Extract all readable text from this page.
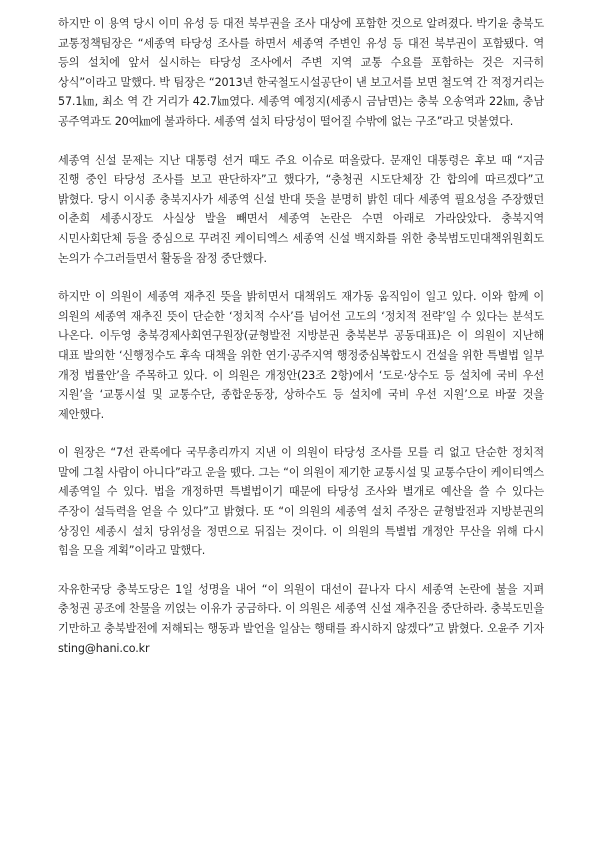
하지만 이 용역 당시 이미 유성 등 대전 북부권을 조사 대상에 포함한 것으로 알려졌다. 박기윤 충북도 교통정책팀장은 “세종역 타당성 조사를 하면서 세종역 주변인 유성 등 대전 북부권이 포함됐다. 역 등의 설치에 앞서 실시하는 타당성 조사에서 주변 지역 교통 수요를 포함하는 것은 지극히 상식”이라고 말했다. 박 팀장은 “2013년 한국철도시설공단이 낸 보고서를 보면 철도역 간 적정거리는 57.1㎞, 최소 역 간 거리가 42.7㎞였다. 세종역 예정지(세종시 금남면)는 충북 오송역과 22㎞, 충남 공주역과도 20여㎞에 불과하다. 세종역 설치 타당성이 떨어질 수밖에 없는 구조”라고 덧붙였다.

세종역 신설 문제는 지난 대통령 선거 때도 주요 이슈로 떠올랐다. 문재인 대통령은 후보 때 “지금 진행 중인 타당성 조사를 보고 판단하자”고 했다가, “충청권 시도단체장 간 합의에 따르겠다”고 밝혔다. 당시 이시종 충북지사가 세종역 신설 반대 뜻을 분명히 밝힌 데다 세종역 필요성을 주장했던 이춘희 세종시장도 사실상 발을 빼면서 세종역 논란은 수면 아래로 가라앉았다. 충북지역 시민사회단체 등을 중심으로 꾸려진 케이티엑스 세종역 신설 백지화를 위한 충북범도민대책위원회도 논의가 수그러들면서 활동을 잠정 중단했다.

하지만 이 의원이 세종역 재추진 뜻을 밝히면서 대책위도 재가동 움직임이 일고 있다. 이와 함께 이 의원의 세종역 재추진 뜻이 단순한 ‘정치적 수사’를 넘어선 고도의 ‘정치적 전략’일 수 있다는 분석도 나온다. 이두영 충북경제사회연구원장(균형발전 지방분권 충북본부 공동대표)은 이 의원이 지난해 대표 발의한 ‘신행정수도 후속 대책을 위한 연기·공주지역 행정중심복합도시 건설을 위한 특별법 일부 개정 법률안’을 주목하고 있다. 이 의원은 개정안(23조 2항)에서 ‘도로·상수도 등 설치에 국비 우선 지원’을 ‘교통시설 및 교통수단, 종합운동장, 상하수도 등 설치에 국비 우선 지원’으로 바꿀 것을 제안했다.

이 원장은 “7선 관록에다 국무총리까지 지낸 이 의원이 타당성 조사를 모를 리 없고 단순한 정치적 말에 그칠 사람이 아니다”라고 운을 뗐다. 그는 “이 의원이 제기한 교통시설 및 교통수단이 케이티엑스 세종역일 수 있다. 법을 개정하면 특별법이기 때문에 타당성 조사와 별개로 예산을 쓸 수 있다는 주장이 설득력을 얻을 수 있다”고 밝혔다. 또 “이 의원의 세종역 설치 주장은 균형발전과 지방분권의 상징인 세종시 설치 당위성을 정면으로 뒤집는 것이다. 이 의원의 특별법 개정안 무산을 위해 다시 힘을 모을 계획”이라고 말했다.

자유한국당 충북도당은 1일 성명을 내어 “이 의원이 대선이 끝나자 다시 세종역 논란에 불을 지펴 충청권 공조에 찬물을 끼얹는 이유가 궁금하다. 이 의원은 세종역 신설 재추진을 중단하라. 충북도민을 기만하고 충북발전에 저해되는 행동과 발언을 일삼는 행태를 좌시하지 않겠다”고 밝혔다. 오윤주 기자 sting@hani.co.kr
